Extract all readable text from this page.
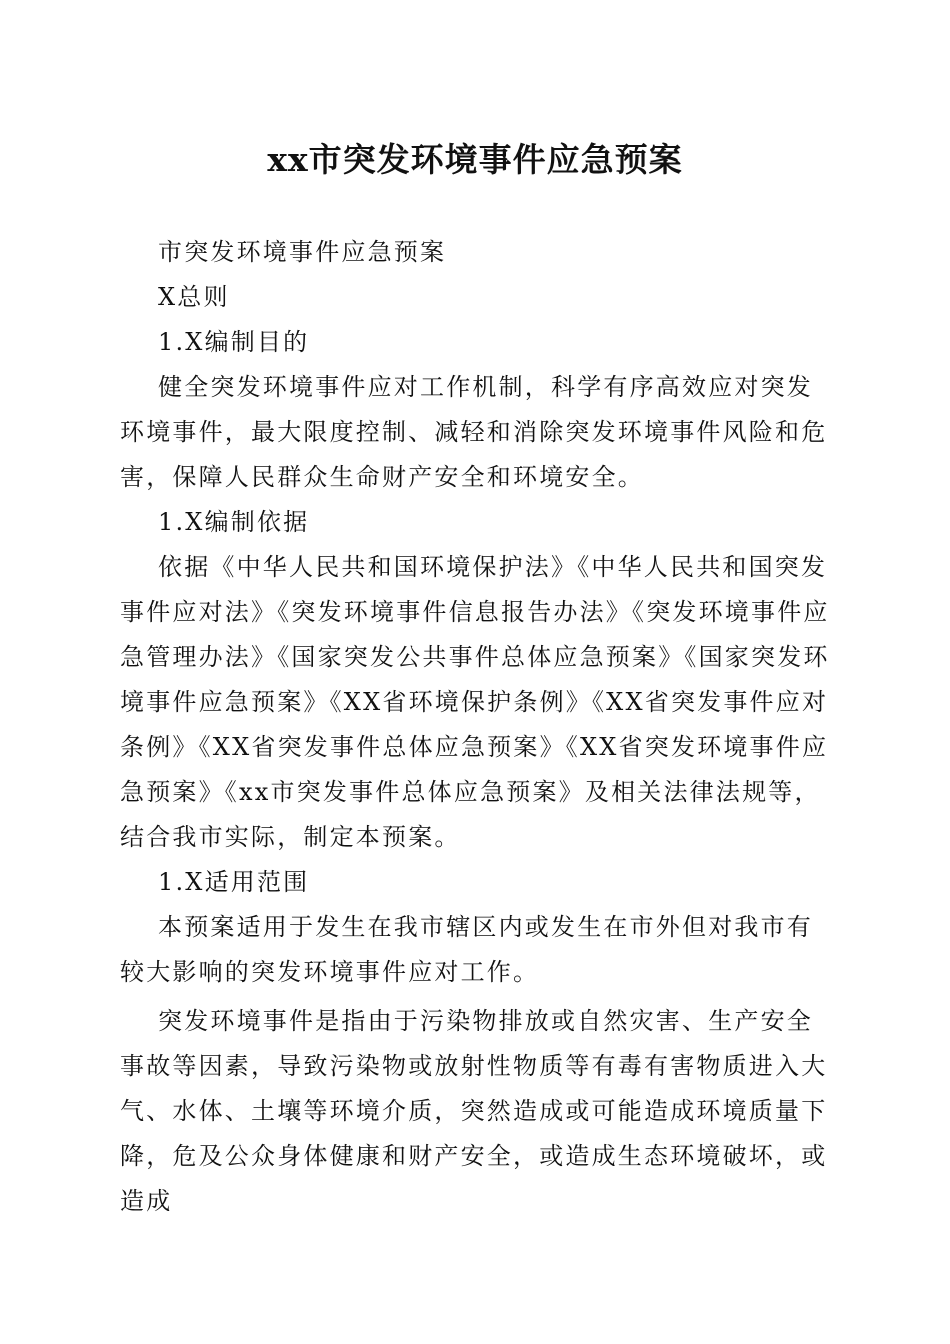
xx市突发环境事件应急预案

市突发环境事件应急预案

X总则

1.X编制目的

健全突发环境事件应对工作机制，科学有序高效应对突发环境事件，最大限度控制、减轻和消除突发环境事件风险和危害，保障人民群众生命财产安全和环境安全。

1.X编制依据

依据《中华人民共和国环境保护法》《中华人民共和国突发事件应对法》《突发环境事件信息报告办法》《突发环境事件应急管理办法》《国家突发公共事件总体应急预案》《国家突发环境事件应急预案》《XX省环境保护条例》《XX省突发事件应对条例》《XX省突发事件总体应急预案》《XX省突发环境事件应急预案》《xx市突发事件总体应急预案》及相关法律法规等，结合我市实际，制定本预案。

1.X适用范围

本预案适用于发生在我市辖区内或发生在市外但对我市有较大影响的突发环境事件应对工作。

突发环境事件是指由于污染物排放或自然灾害、生产安全事故等因素，导致污染物或放射性物质等有毒有害物质进入大气、水体、土壤等环境介质，突然造成或可能造成环境质量下降，危及公众身体健康和财产安全，或造成生态环境破坏，或造成
